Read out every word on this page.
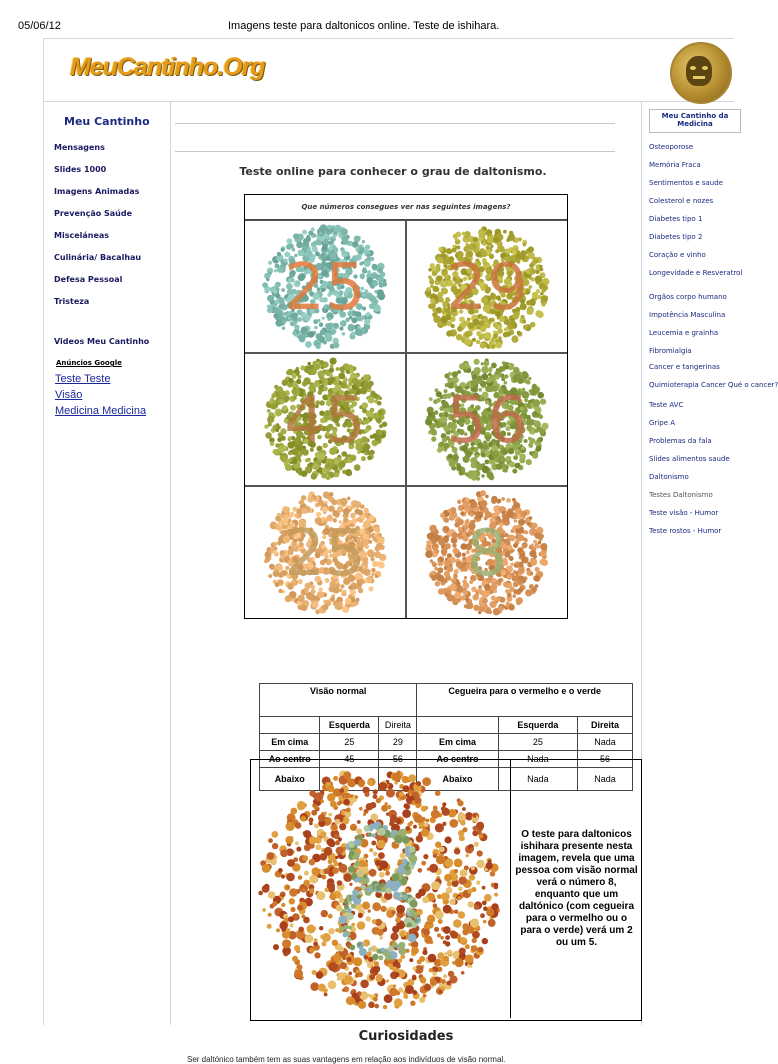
05/06/12	Imagens teste para daltonicos online. Teste de ishihara.
MeuCantinho.Org
Meu Cantinho
Mensagens
Slides 1000
Imagens Animadas
Prevenção Saúde
Misceláneas
Culinária/ Bacalhau
Defesa Pessoal
Tristeza
Videos Meu Cantinho
Anúncios Google
Teste Teste
Visão
Medicina Medicina
Teste online para conhecer o grau de daltonismo.
Que números consegues ver nas seguintes imagens?
25 29
45 56
25 8
Visão normal			Cegueira para o vermelho e o verde		
	Esquerda	Direita		Esquerda	Direita
Em cima	25	29	Em cima	25	Nada
Ao centro	45	56	Ao centro	Nada	56
Abaixo			Abaixo	Nada	Nada
O teste para daltonicos ishihara presente nesta imagem, revela que uma pessoa com visão normal verá o número 8, enquanto que um daltónico (com cegueira para o vermelho ou o para o verde) verá um 2 ou um 5.
Curiosidades
Ser daltónico também tem as suas vantagens em relação aos indivíduos de visão normal.
Meu Cantinho da Medicina
Osteoporose
Memória Fraca
Sentimentos e saude
Colesterol e nozes
Diabetes tipo 1
Diabetes tipo 2
Coração e vinho
Longevidade e Resveratrol
Orgãos corpo humano
Impotência Masculina
Leucemia e grainha
Fibromialgia
Cancer e tangerinas
Quimioterapia Cancer Qué o cancer?
Teste AVC
Gripe A
Problemas da fala
Slides alimentos saude
Daltonismo
Testes Daltonismo
Teste visão - Humor
Teste rostos - Humor
